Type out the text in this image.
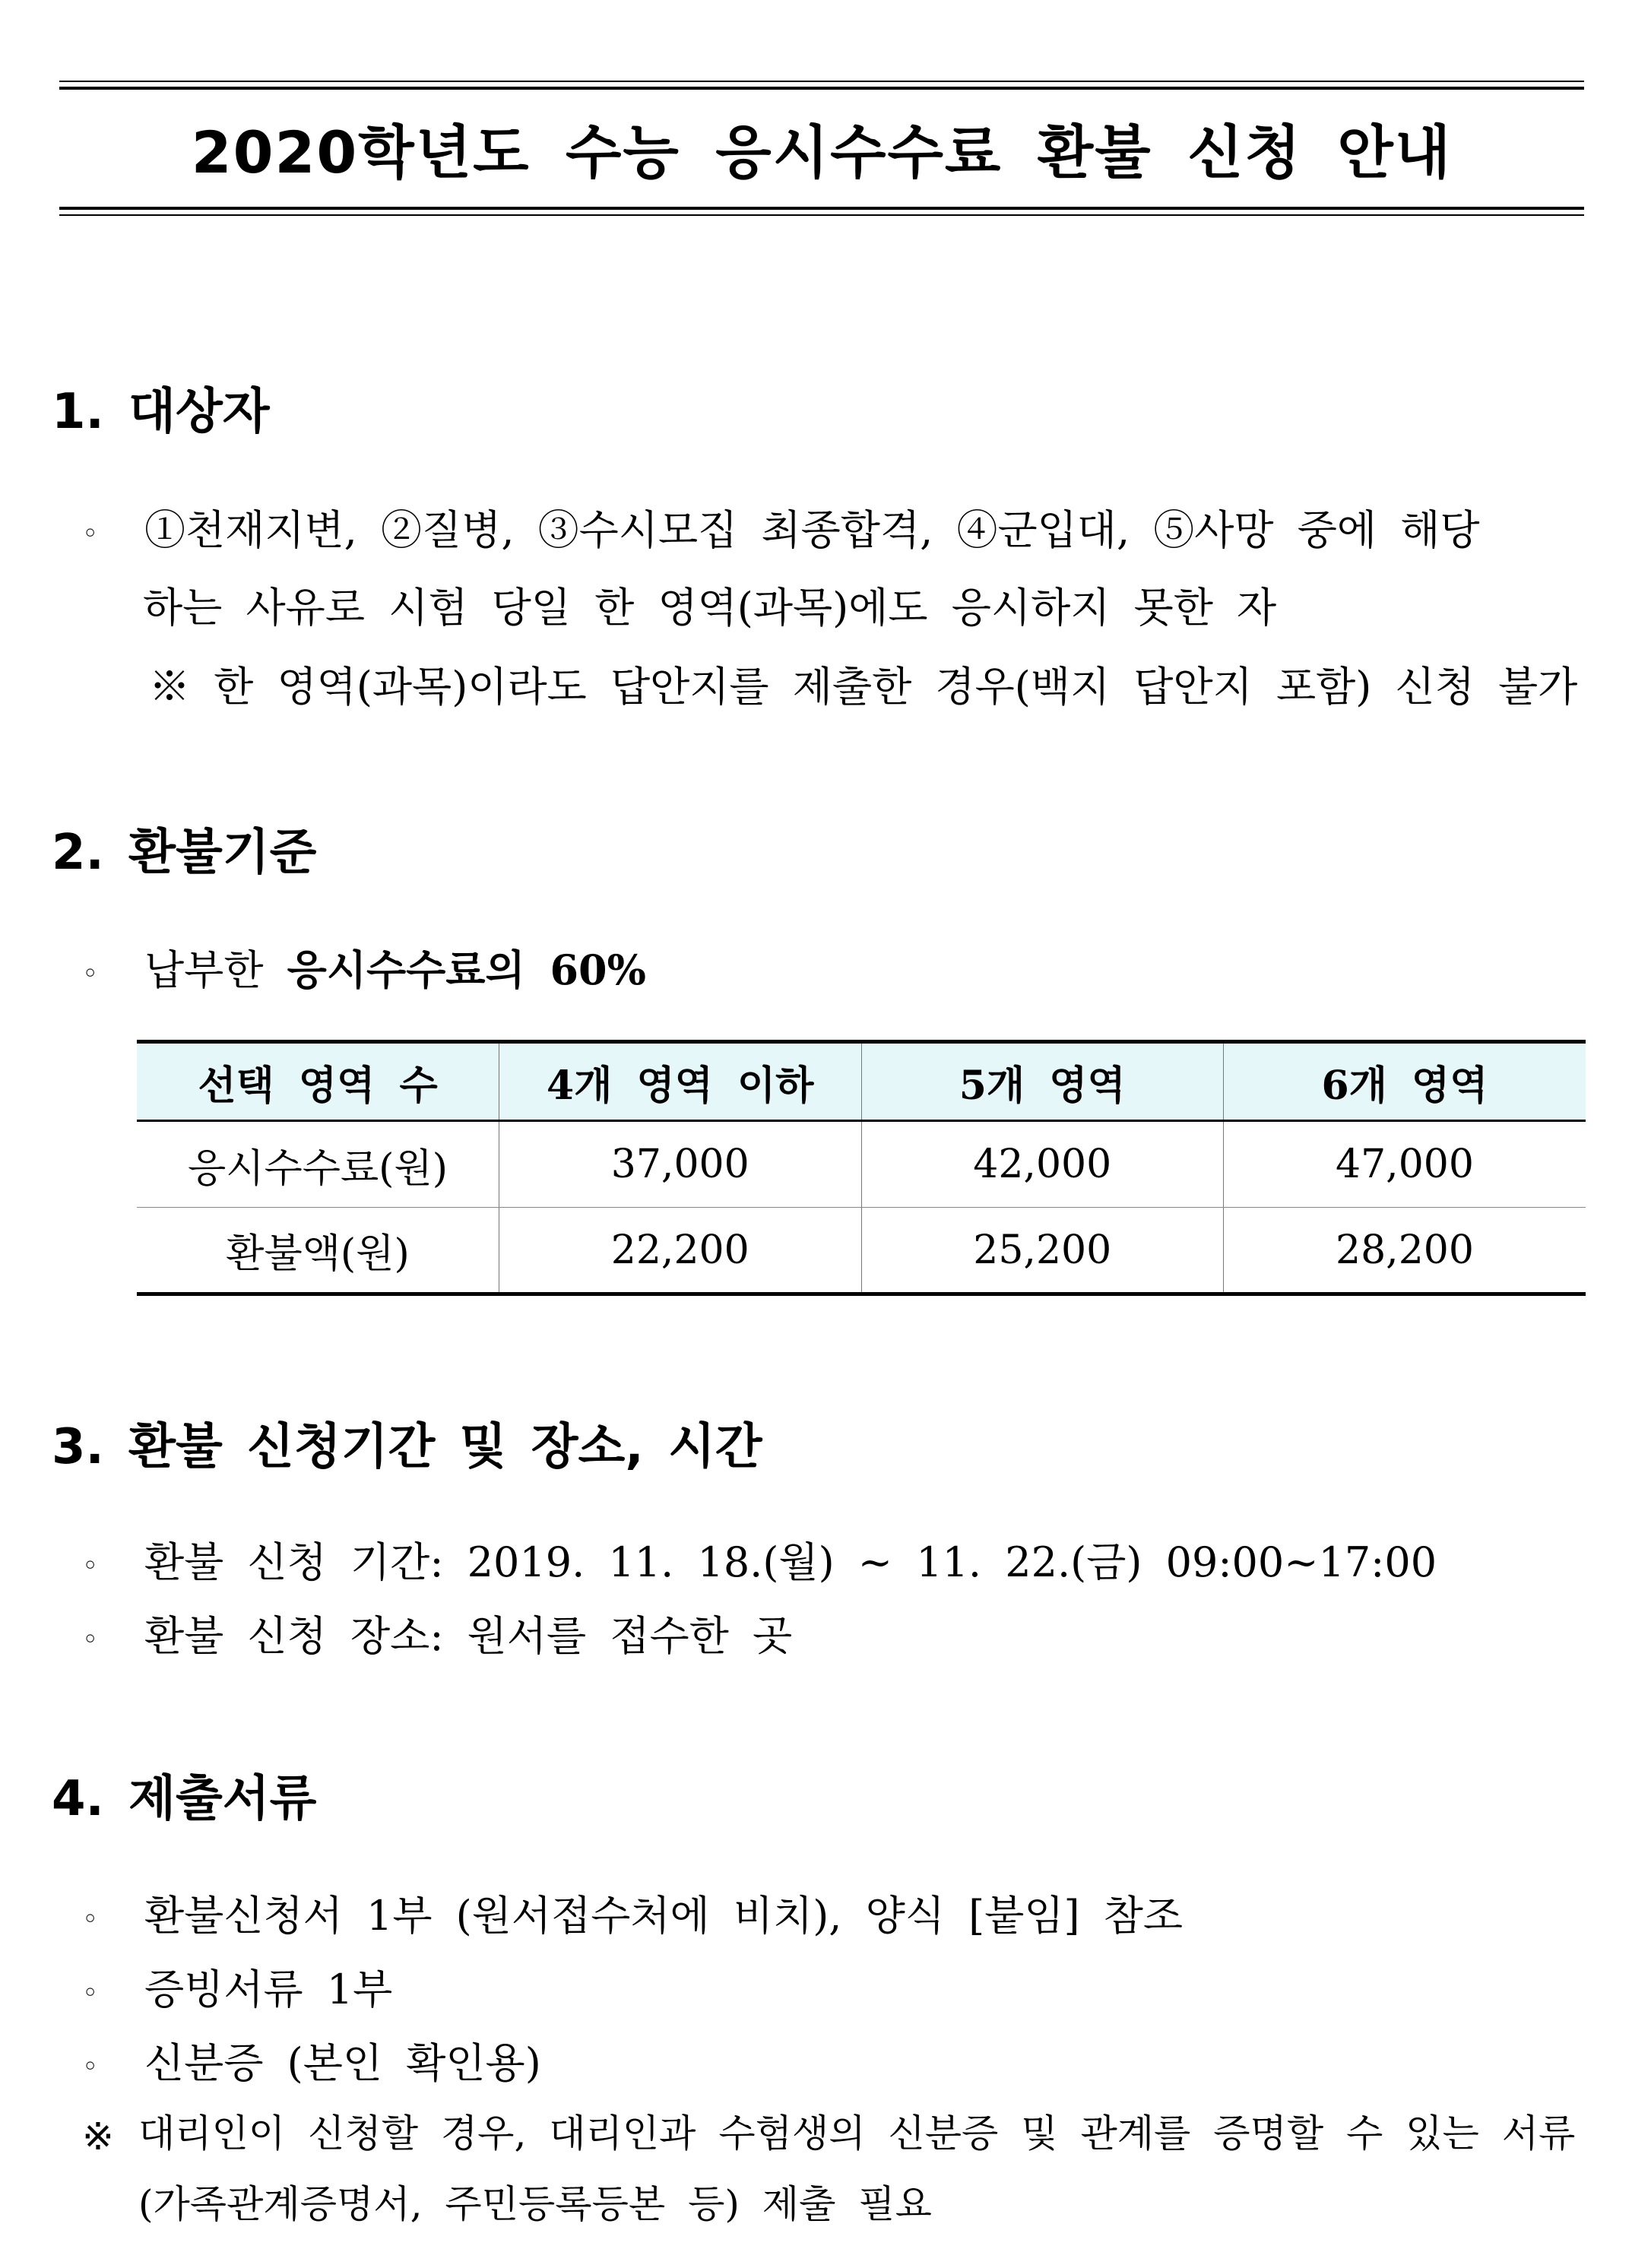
2020학년도 수능 응시수수료 환불 신청 안내
1. 대상자
◦ ①천재지변, ②질병, ③수시모집 최종합격, ④군입대, ⑤사망 중에 해당
하는 사유로 시험 당일 한 영역(과목)에도 응시하지 못한 자
※ 한 영역(과목)이라도 답안지를 제출한 경우(백지 답안지 포함) 신청 불가
2. 환불기준
◦ 납부한 응시수수료의 60%
선택 영역 수	4개 영역 이하	5개 영역	6개 영역
응시수수료(원)	37,000	42,000	47,000
환불액(원)	22,200	25,200	28,200
3. 환불 신청기간 및 장소, 시간
◦ 환불 신청 기간: 2019. 11. 18.(월) ~ 11. 22.(금) 09:00~17:00
◦ 환불 신청 장소: 원서를 접수한 곳
4. 제출서류
◦ 환불신청서 1부 (원서접수처에 비치), 양식 [붙임] 참조
◦ 증빙서류 1부
◦ 신분증 (본인 확인용)
※ 대리인이 신청할 경우, 대리인과 수험생의 신분증 및 관계를 증명할 수 있는 서류
(가족관계증명서, 주민등록등본 등) 제출 필요
